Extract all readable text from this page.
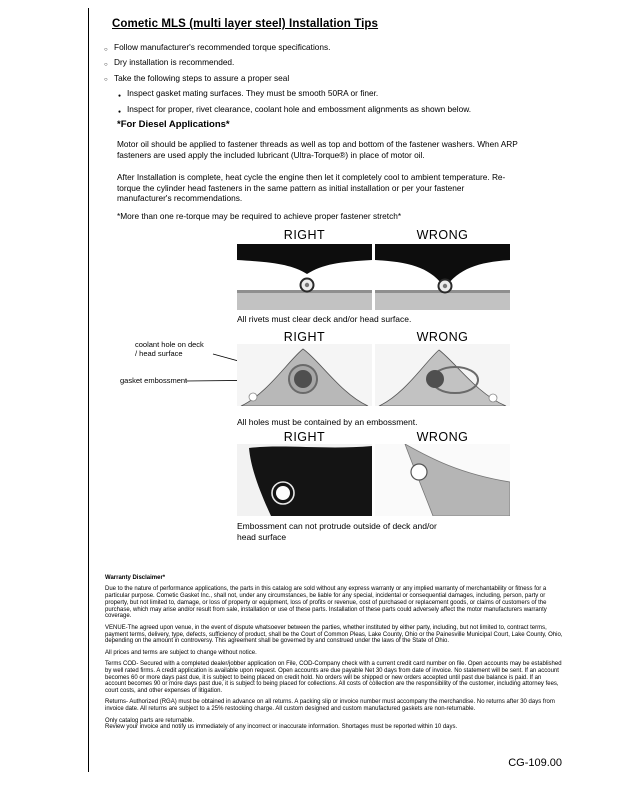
Cometic MLS (multi layer steel) Installation Tips
○ Follow manufacturer's recommended torque specifications.
○ Dry installation is recommended.
○ Take the following steps to assure a proper seal
● Inspect gasket mating surfaces. They must be smooth 50RA or finer.
● Inspect for proper, rivet clearance, coolant hole and embossment alignments as shown below.
*For Diesel Applications*
Motor oil should be applied to fastener threads as well as top and bottom of the fastener washers. When ARP fasteners are used apply the included lubricant (Ultra-Torque®) in place of motor oil.
After Installation is complete, heat cycle the engine then let it completely cool to ambient temperature. Re-torque the cylinder head fasteners in the same pattern as initial installation or per your fastener manufacturer's recommendations.
*More than one re-torque may be required to achieve proper fastener stretch*
RIGHT	WRONG
All rivets must clear deck and/or head surface.
RIGHT	WRONG
coolant hole on deck / head surface
gasket embossment
All holes must be contained by an embossment.
RIGHT	WRONG
Embossment can not protrude outside of deck and/or head surface

Warranty Disclaimer*

Due to the nature of performance applications, the parts in this catalog are sold without any express warranty or any implied warranty of merchantability or fitness for a particular purpose. Cometic Gasket Inc., shall not, under any circumstances, be liable for any special, incidental or consequential damages, including, person, party or property, but not limited to, damage, or loss of property or equipment, loss of profits or revenue, cost of purchased or replacement goods, or claims of customers of the purchase, which may arise and/or result from sale, installation or use of these parts. Installation of these parts could adversely affect the motor manufacturers warranty coverage.

VENUE-The agreed upon venue, in the event of dispute whatsoever between the parties, whether instituted by either party, including, but not limited to, contract terms, payment terms, delivery, type, defects, sufficiency of product, shall be the Court of Common Pleas, Lake County, Ohio or the Painesville Municipal Court, Lake County, Ohio, depending on the amount in controversy. This agreement shall be governed by and construed under the laws of the State of Ohio.

All prices and terms are subject to change without notice.

Terms COD- Secured with a completed dealer/jobber application on File, COD-Company check with a current credit card number on file. Open accounts may be established by well rated firms. A credit application is available upon request. Open accounts are due payable Net 30 days from date of invoice. No statement will be sent. If an account becomes 60 or more days past due, it is subject to being placed on credit hold. No orders will be shipped or new orders accepted until past due balance is paid. If an account becomes 90 or more days past due, it is subject to being placed for collections. All costs of collection are the responsibility of the customer, including attorney fees, court costs, and other expenses of litigation.

Returns- Authorized (RGA) must be obtained in advance on all returns. A packing slip or invoice number must accompany the merchandise. No returns after 30 days from invoice date. All returns are subject to a 25% restocking charge. All custom designed and custom manufactured gaskets are non-returnable.

Only catalog parts are returnable.

Review your invoice and notify us immediately of any incorrect or inaccurate information. Shortages must be reported within 10 days.

CG-109.00
